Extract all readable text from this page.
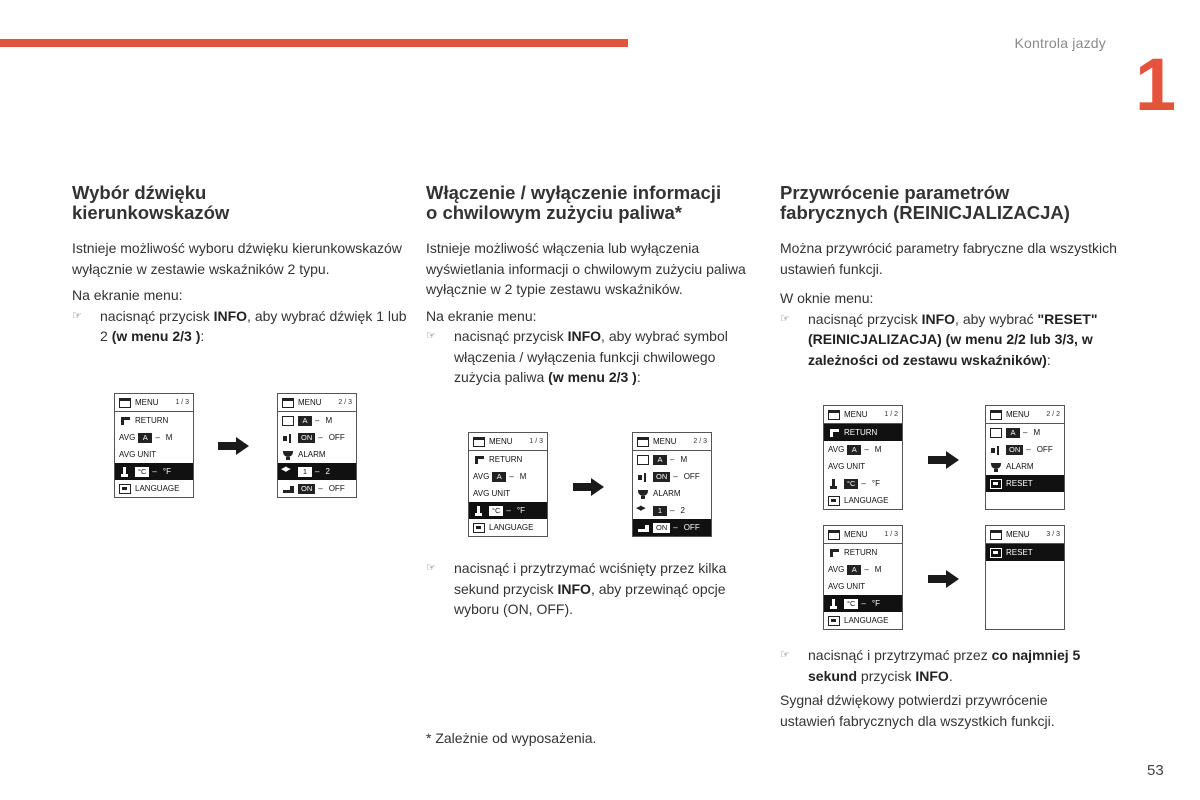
Kontrola jazdy 1
Wybór dźwięku
kierunkowskazów

Istnieje możliwość wyboru dźwięku kierunkowskazów wyłącznie w zestawie wskaźników 2 typu.

Na ekranie menu:

☞ nacisnąć przycisk INFO, aby wybrać dźwięk 1 lub 2 (w menu 2/3 ):
MENU 1 / 3
RETURN
AVG A – M
AVG UNIT
°C – °F
LANGUAGE
MENU 2 / 3
A – M
ON – OFF
ALARM
◀▶
1 – 2
ON – OFF
Włączenie / wyłączenie informacji
o chwilowym zużyciu paliwa*

Istnieje możliwość włączenia lub wyłączenia wyświetlania informacji o chwilowym zużyciu paliwa wyłącznie w 2 typie zestawu wskaźników.

Na ekranie menu:

☞ nacisnąć przycisk INFO, aby wybrać symbol włączenia / wyłączenia funkcji chwilowego zużycia paliwa (w menu 2/3 ):
MENU 1 / 3
RETURN
AVG A – M
AVG UNIT
°C – °F
LANGUAGE
MENU 2 / 3
A – M
ON – OFF
ALARM
◀▶
1 – 2
ON – OFF
☞ nacisnąć i przytrzymać wciśnięty przez kilka sekund przycisk INFO, aby przewinąć opcje wyboru (ON, OFF).
* Zależnie od wyposażenia.
Przywrócenie parametrów
fabrycznych (REINICJALIZACJA)

Można przywrócić parametry fabryczne dla wszystkich ustawień funkcji.

W oknie menu:

☞ nacisnąć przycisk INFO, aby wybrać "RESET" (REINICJALIZACJA) (w menu 2/2 lub 3/3, w zależności od zestawu wskaźników):
MENU 1 / 2
RETURN
AVG A – M
AVG UNIT
°C – °F
LANGUAGE
MENU 2 / 2
A – M
ON – OFF
ALARM
RESET
MENU 1 / 3
RETURN
AVG A – M
AVG UNIT
°C – °F
LANGUAGE
MENU 3 / 3
RESET
☞ nacisnąć i przytrzymać przez co najmniej 5 sekund przycisk INFO.

Sygnał dźwiękowy potwierdzi przywrócenie ustawień fabrycznych dla wszystkich funkcji.

53
